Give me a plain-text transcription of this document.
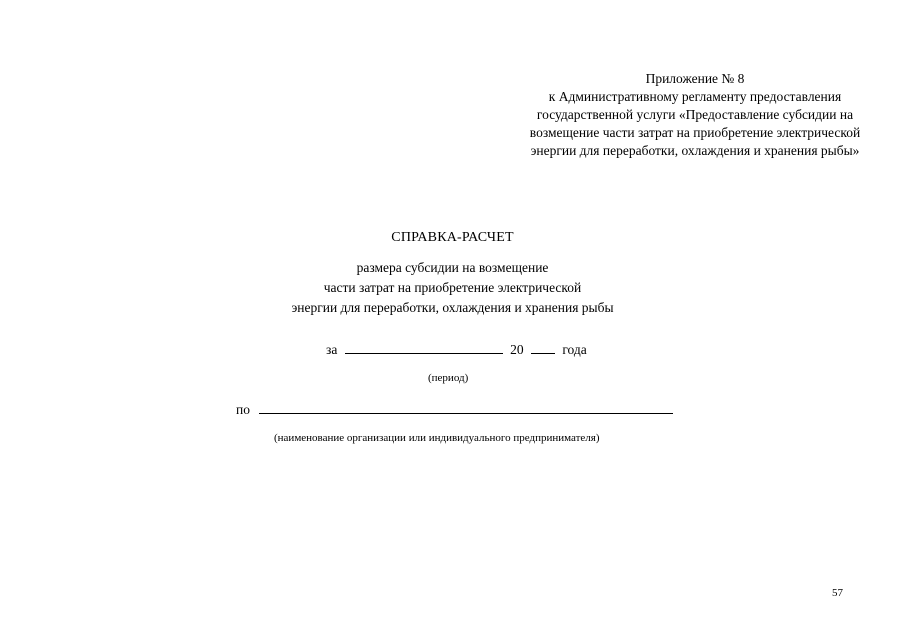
Приложение № 8
к Административному регламенту предоставления
государственной услуги «Предоставление субсидии на
возмещение части затрат на приобретение электрической
энергии для переработки, охлаждения и хранения рыбы»
СПРАВКА-РАСЧЕТ
размера субсидии на возмещение
части затрат на приобретение электрической
энергии для переработки, охлаждения и хранения рыбы
за	20	года
(период)
по
(наименование организации или индивидуального предпринимателя)
57
